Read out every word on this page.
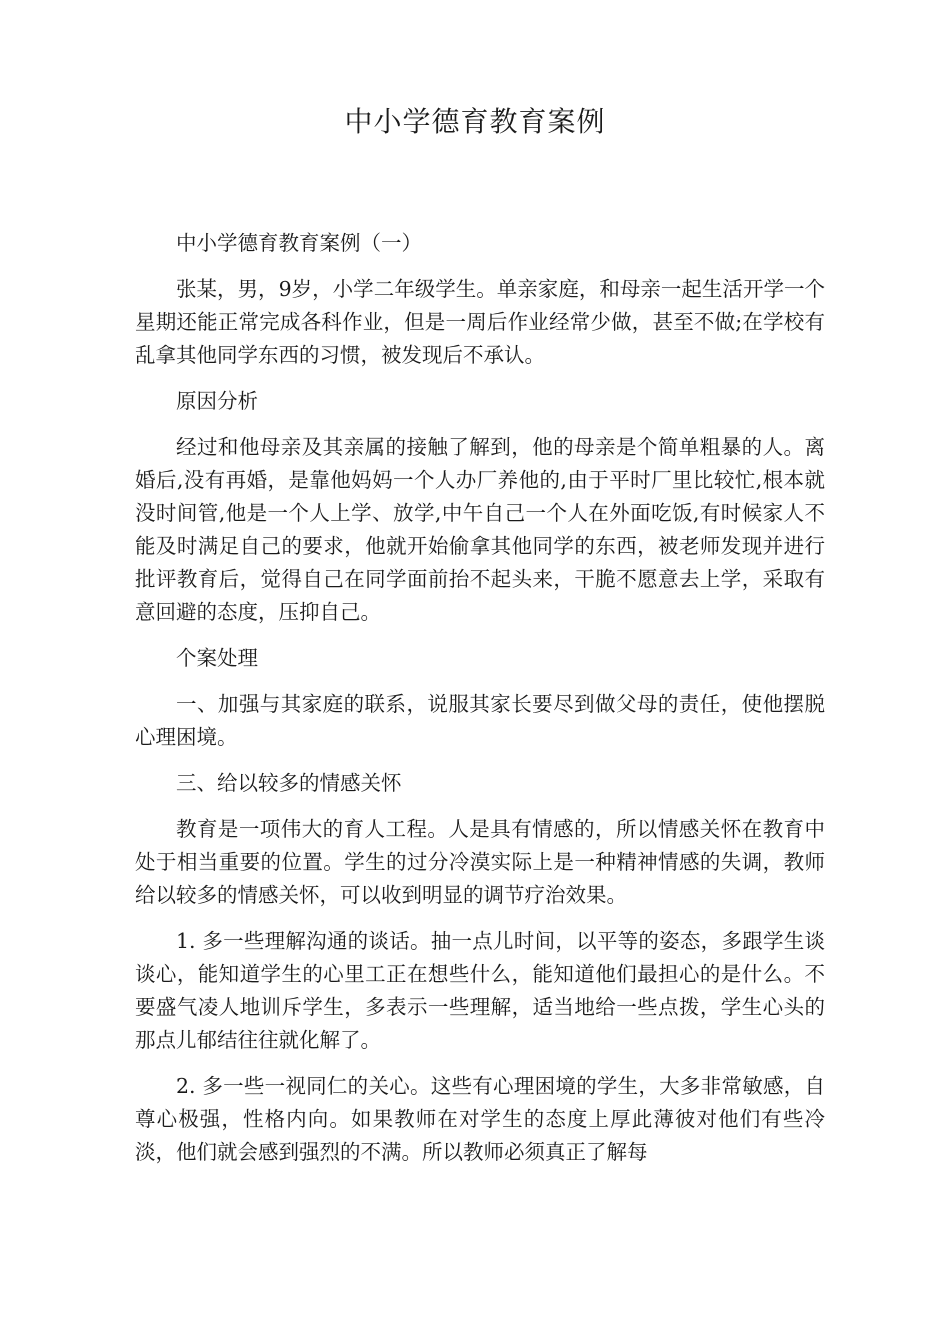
中小学德育教育案例

中小学德育教育案例（一）

张某，男，9岁，小学二年级学生。单亲家庭，和母亲一起生活开学一个星期还能正常完成各科作业，但是一周后作业经常少做，甚至不做;在学校有乱拿其他同学东西的习惯，被发现后不承认。

原因分析

经过和他母亲及其亲属的接触了解到，他的母亲是个简单粗暴的人。离婚后,没有再婚，是靠他妈妈一个人办厂养他的,由于平时厂里比较忙,根本就没时间管,他是一个人上学、放学,中午自己一个人在外面吃饭,有时候家人不能及时满足自己的要求，他就开始偷拿其他同学的东西，被老师发现并进行批评教育后，觉得自己在同学面前抬不起头来，干脆不愿意去上学，采取有意回避的态度，压抑自己。

个案处理

一、加强与其家庭的联系，说服其家长要尽到做父母的责任，使他摆脱心理困境。

三、给以较多的情感关怀

教育是一项伟大的育人工程。人是具有情感的，所以情感关怀在教育中处于相当重要的位置。学生的过分冷漠实际上是一种精神情感的失调，教师给以较多的情感关怀，可以收到明显的调节疗治效果。

1. 多一些理解沟通的谈话。抽一点儿时间，以平等的姿态，多跟学生谈谈心，能知道学生的心里工正在想些什么，能知道他们最担心的是什么。不要盛气凌人地训斥学生，多表示一些理解，适当地给一些点拨，学生心头的那点儿郁结往往就化解了。

2. 多一些一视同仁的关心。这些有心理困境的学生，大多非常敏感，自尊心极强，性格内向。如果教师在对学生的态度上厚此薄彼对他们有些冷淡，他们就会感到强烈的不满。所以教师必须真正了解每
